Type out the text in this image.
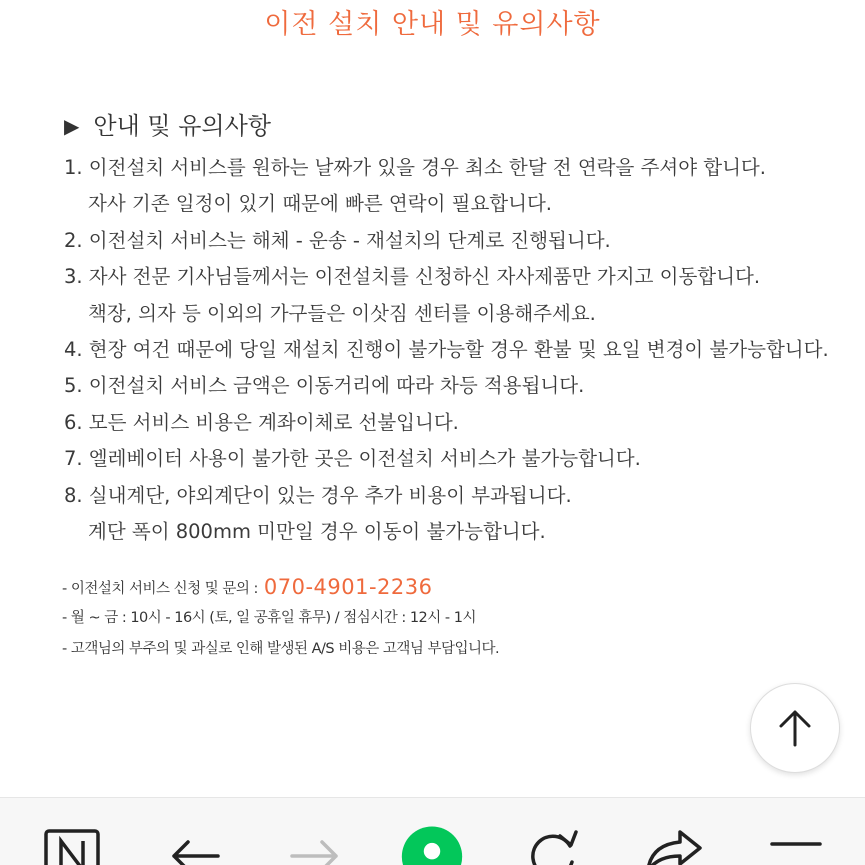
이전 설치 안내 및 유의사항
▶ 안내 및 유의사항
1. 이전설치 서비스를 원하는 날짜가 있을 경우 최소 한달 전 연락을 주셔야 합니다.
자사 기존 일정이 있기 때문에 빠른 연락이 필요합니다.
2. 이전설치 서비스는 해체 - 운송 - 재설치의 단계로 진행됩니다.
3. 자사 전문 기사님들께서는 이전설치를 신청하신 자사제품만 가지고 이동합니다.
책장, 의자 등 이외의 가구들은 이삿짐 센터를 이용해주세요.
4. 현장 여건 때문에 당일 재설치 진행이 불가능할 경우 환불 및 요일 변경이 불가능합니다.
5. 이전설치 서비스 금액은 이동거리에 따라 차등 적용됩니다.
6. 모든 서비스 비용은 계좌이체로 선불입니다.
7. 엘레베이터 사용이 불가한 곳은 이전설치 서비스가 불가능합니다.
8. 실내계단, 야외계단이 있는 경우 추가 비용이 부과됩니다.
계단 폭이 800mm 미만일 경우 이동이 불가능합니다.
- 이전설치 서비스 신청 및 문의 : 070-4901-2236
- 월 ~ 금 : 10시 - 16시 (토, 일 공휴일 휴무) / 점심시간 : 12시 - 1시
- 고객님의 부주의 및 과실로 인해 발생된 A/S 비용은 고객님 부담입니다.
